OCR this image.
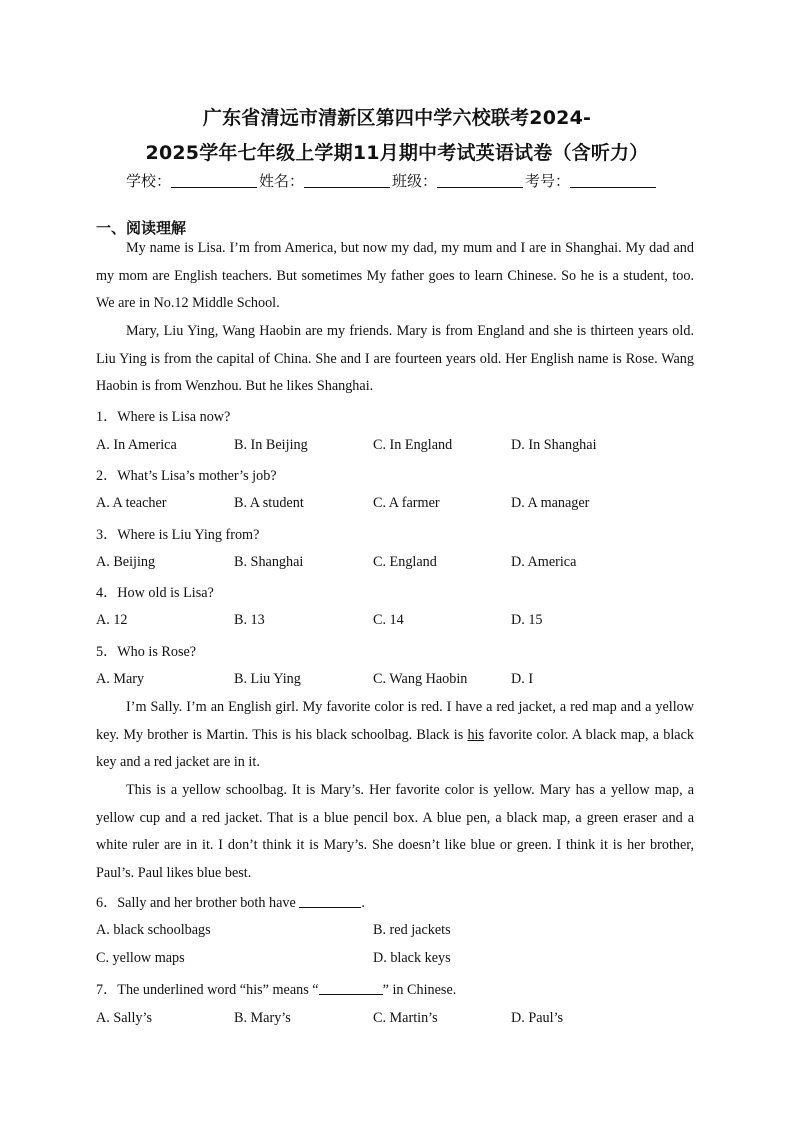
广东省清远市清新区第四中学六校联考2024-
2025学年七年级上学期11月期中考试英语试卷（含听力）
学校：	姓名：	班级：	考号：
一、阅读理解
My name is Lisa. I’m from America, but now my dad, my mum and I are in Shanghai. My dad and my mom are English teachers. But sometimes My father goes to learn Chinese. So he is a student, too. We are in No.12 Middle School.
Mary, Liu Ying, Wang Haobin are my friends. Mary is from England and she is thirteen years old. Liu Ying is from the capital of China. She and I are fourteen years old. Her English name is Rose. Wang Haobin is from Wenzhou. But he likes Shanghai.
1．Where is Lisa now?
A. In America	B. In Beijing	C. In England	D. In Shanghai
2．What’s Lisa’s mother’s job?
A. A teacher	B. A student	C. A farmer	D. A manager
3．Where is Liu Ying from?
A. Beijing	B. Shanghai	C. England	D. America
4．How old is Lisa?
A. 12	B. 13	C. 14	D. 15
5．Who is Rose?
A. Mary	B. Liu Ying	C. Wang Haobin	D. I
I’m Sally. I’m an English girl. My favorite color is red. I have a red jacket, a red map and a yellow key. My brother is Martin. This is his black schoolbag. Black is his favorite color. A black map, a black key and a red jacket are in it.
This is a yellow schoolbag. It is Mary’s. Her favorite color is yellow. Mary has a yellow map, a yellow cup and a red jacket. That is a blue pencil box. A blue pen, a black map, a green eraser and a white ruler are in it. I don’t think it is Mary’s. She doesn’t like blue or green. I think it is her brother, Paul’s. Paul likes blue best.
6．Sally and her brother both have	.
A. black schoolbags	B. red jackets
C. yellow maps	D. black keys
7．The underlined word “his” means “	” in Chinese.
A. Sally’s	B. Mary’s	C. Martin’s	D. Paul’s
